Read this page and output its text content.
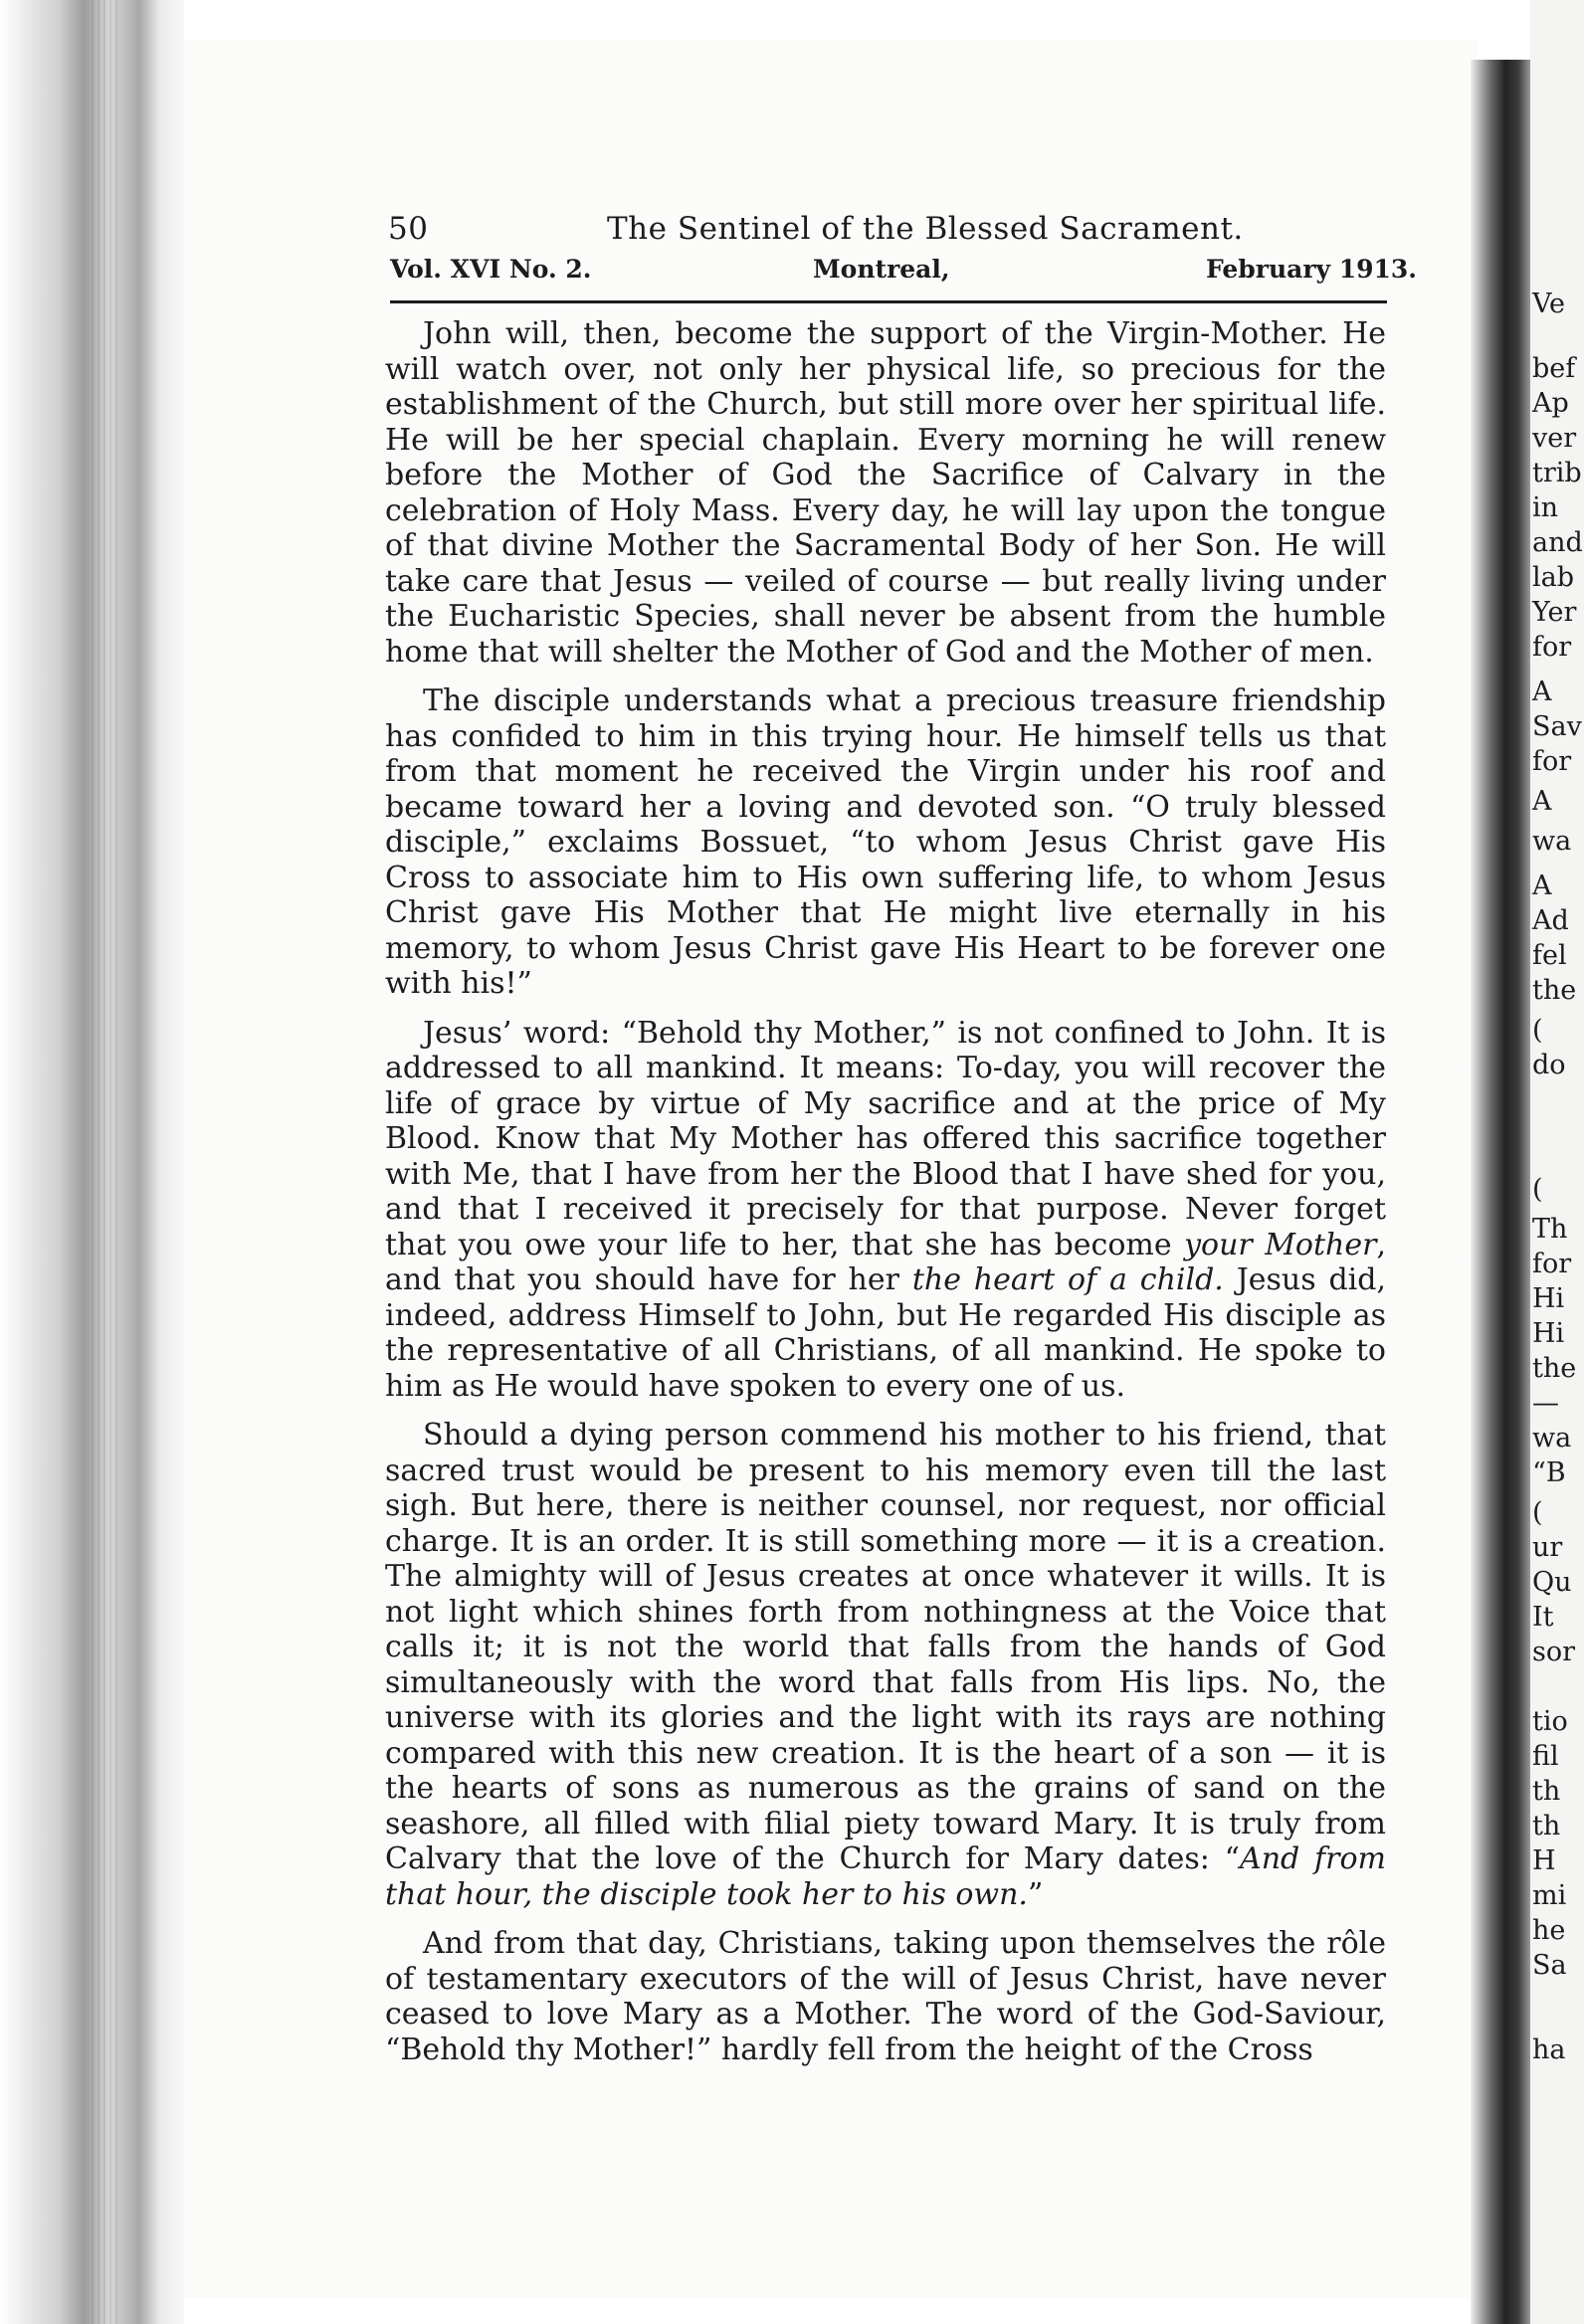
Ve
bef
Ap
ver
trib
in
and
lab
Yer
for
A
Sav
for
A
wa
A
Ad
fel
the
(
do
(
Th
for
Hi
Hi
the
—
wa
“B
(
ur
Qu
It
sor
tio
fil
th
th
H
mi
he
Sa
ha
50	The Sentinel of the Blessed Sacrament.
Vol. XVI No. 2.	Montreal,	February 1913.

John will, then, become the support of the Virgin-Mother. He will watch over, not only her physical life, so precious for the establishment of the Church, but still more over her spiritual life. He will be her special chaplain. Every morning he will renew before the Mother of God the Sacrifice of Calvary in the celebration of Holy Mass. Every day, he will lay upon the tongue of that divine Mother the Sacramental Body of her Son. He will take care that Jesus — veiled of course — but really living under the Eucharistic Species, shall never be absent from the humble home that will shelter the Mother of God and the Mother of men.

The disciple understands what a precious treasure friendship has confided to him in this trying hour. He himself tells us that from that moment he received the Virgin under his roof and became toward her a loving and devoted son. “O truly blessed disciple,” exclaims Bossuet, “to whom Jesus Christ gave His Cross to associate him to His own suffering life, to whom Jesus Christ gave His Mother that He might live eternally in his memory, to whom Jesus Christ gave His Heart to be forever one with his!”

Jesus’ word: “Behold thy Mother,” is not confined to John. It is addressed to all mankind. It means: To-day, you will recover the life of grace by virtue of My sacrifice and at the price of My Blood. Know that My Mother has offered this sacrifice together with Me, that I have from her the Blood that I have shed for you, and that I received it precisely for that purpose. Never forget that you owe your life to her, that she has become your Mother, and that you should have for her the heart of a child. Jesus did, indeed, address Himself to John, but He regarded His disciple as the representative of all Christians, of all mankind. He spoke to him as He would have spoken to every one of us.

Should a dying person commend his mother to his friend, that sacred trust would be present to his memory even till the last sigh. But here, there is neither counsel, nor request, nor official charge. It is an order. It is still something more — it is a creation. The almighty will of Jesus creates at once whatever it wills. It is not light which shines forth from nothingness at the Voice that calls it; it is not the world that falls from the hands of God simultaneously with the word that falls from His lips. No, the universe with its glories and the light with its rays are nothing compared with this new creation. It is the heart of a son — it is the hearts of sons as numerous as the grains of sand on the seashore, all filled with filial piety toward Mary. It is truly from Calvary that the love of the Church for Mary dates: “And from that hour, the disciple took her to his own.”

And from that day, Christians, taking upon themselves the rôle of testamentary executors of the will of Jesus Christ, have never ceased to love Mary as a Mother. The word of the God-Saviour, “Behold thy Mother!” hardly fell from the height of the Cross
